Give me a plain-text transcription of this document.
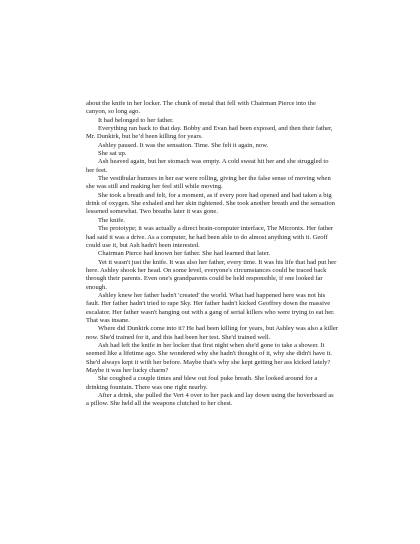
about the knife in her locker. The chunk of metal that fell with Chairman Pierce into the canyon, so long ago.

It had belonged to her father.

Everything ran back to that day. Bobby and Evan had been exposed, and then their father, Mr. Dunkirk, but he’d been killing for years.

Ashley paused. It was the sensation. Time. She felt it again, now.

She sat up.

Ash heaved again, but her stomach was empty. A cold sweat hit her and she struggled to her feet.

The vestibular humors in her ear were rolling, giving her the false sense of moving when she was still and making her feel still while moving.

She took a breath and felt, for a moment, as if every pore had opened and had taken a big drink of oxygen. She exhaled and her skin tightened. She took another breath and the sensation lessened somewhat. Two breaths later it was gone.

The knife.

The prototype; it was actually a direct brain-computer interface, The Micronix. Her father had said it was a drive. As a computer, he had been able to do almost anything with it. Geoff could use it, but Ash hadn't been interested.

Chairman Pierce had known her father. She had learned that later.

Yet it wasn't just the knife. It was also her father, every time. It was his life that had put her here. Ashley shook her head. On some level, everyone's circumstances could be traced back through their parents. Even one's grandparents could be held responsible, if one looked far enough.

Ashley knew her father hadn't 'created' the world. What had happened here was not his fault. Her father hadn't tried to rape Sky. Her father hadn't kicked Geoffrey down the massive escalator. Her father wasn't hanging out with a gang of serial killers who were trying to eat her. That was insane.

Where did Dunkirk come into it? He had been killing for years, but Ashley was also a killer now. She'd trained for it, and this had been her test. She'd trained well.

Ash had left the knife in her locker that first night when she'd gone to take a shower. It seemed like a lifetime ago. She wondered why she hadn't thought of it, why she didn't have it. She'd always kept it with her before. Maybe that's why she kept getting her ass kicked lately? Maybe it was her lucky charm?

She coughed a couple times and blew out foul puke breath. She looked around for a drinking fountain. There was one right nearby.

After a drink, she pulled the Vert 4 over to her pack and lay down using the hoverboard as a pillow. She held all the weapons clutched to her chest.
